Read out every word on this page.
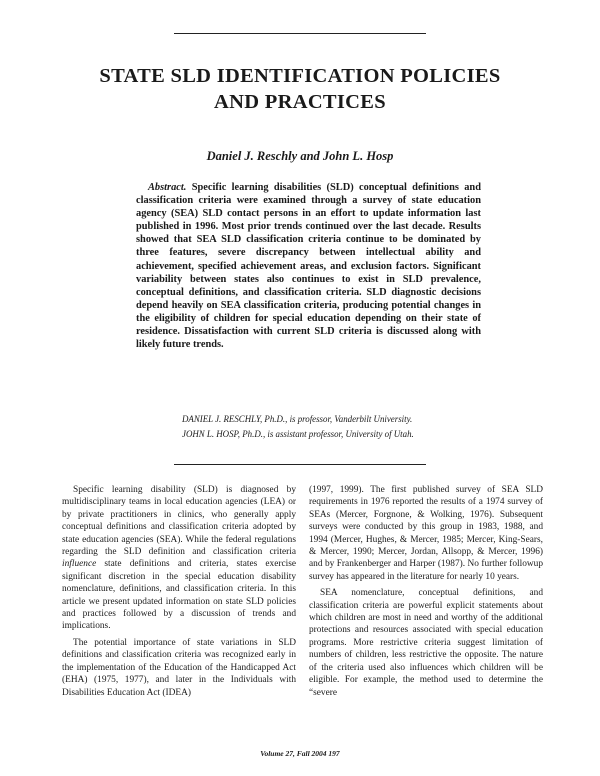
STATE SLD IDENTIFICATION POLICIES
AND PRACTICES

Daniel J. Reschly and John L. Hosp

Abstract. Specific learning disabilities (SLD) conceptual definitions and classification criteria were examined through a survey of state education agency (SEA) SLD contact persons in an effort to update information last published in 1996. Most prior trends continued over the last decade. Results showed that SEA SLD classification criteria continue to be dominated by three features, severe discrepancy between intellectual ability and achievement, specified achievement areas, and exclusion factors. Significant variability between states also continues to exist in SLD prevalence, conceptual definitions, and classification criteria. SLD diagnostic decisions depend heavily on SEA classification criteria, producing potential changes in the eligibility of children for special education depending on their state of residence. Dissatisfaction with current SLD criteria is discussed along with likely future trends.

DANIEL J. RESCHLY, Ph.D., is professor, Vanderbilt University.

JOHN L. HOSP, Ph.D., is assistant professor, University of Utah.

Specific learning disability (SLD) is diagnosed by multidisciplinary teams in local education agencies (LEA) or by private practitioners in clinics, who generally apply conceptual definitions and classification criteria adopted by state education agencies (SEA). While the federal regulations regarding the SLD definition and classification criteria influence state definitions and criteria, states exercise significant discretion in the special education disability nomenclature, definitions, and classification criteria. In this article we present updated information on state SLD policies and practices followed by a discussion of trends and implications.

The potential importance of state variations in SLD definitions and classification criteria was recognized early in the implementation of the Education of the Handicapped Act (EHA) (1975, 1977), and later in the Individuals with Disabilities Education Act (IDEA)

(1997, 1999). The first published survey of SEA SLD requirements in 1976 reported the results of a 1974 survey of SEAs (Mercer, Forgnone, & Wolking, 1976). Subsequent surveys were conducted by this group in 1983, 1988, and 1994 (Mercer, Hughes, & Mercer, 1985; Mercer, King-Sears, & Mercer, 1990; Mercer, Jordan, Allsopp, & Mercer, 1996) and by Frankenberger and Harper (1987). No further followup survey has appeared in the literature for nearly 10 years.

SEA nomenclature, conceptual definitions, and classification criteria are powerful explicit statements about which children are most in need and worthy of the additional protections and resources associated with special education programs. More restrictive criteria suggest limitation of numbers of children, less restrictive the opposite. The nature of the criteria used also influences which children will be eligible. For example, the method used to determine the “severe

Volume 27, Fall 2004 197
